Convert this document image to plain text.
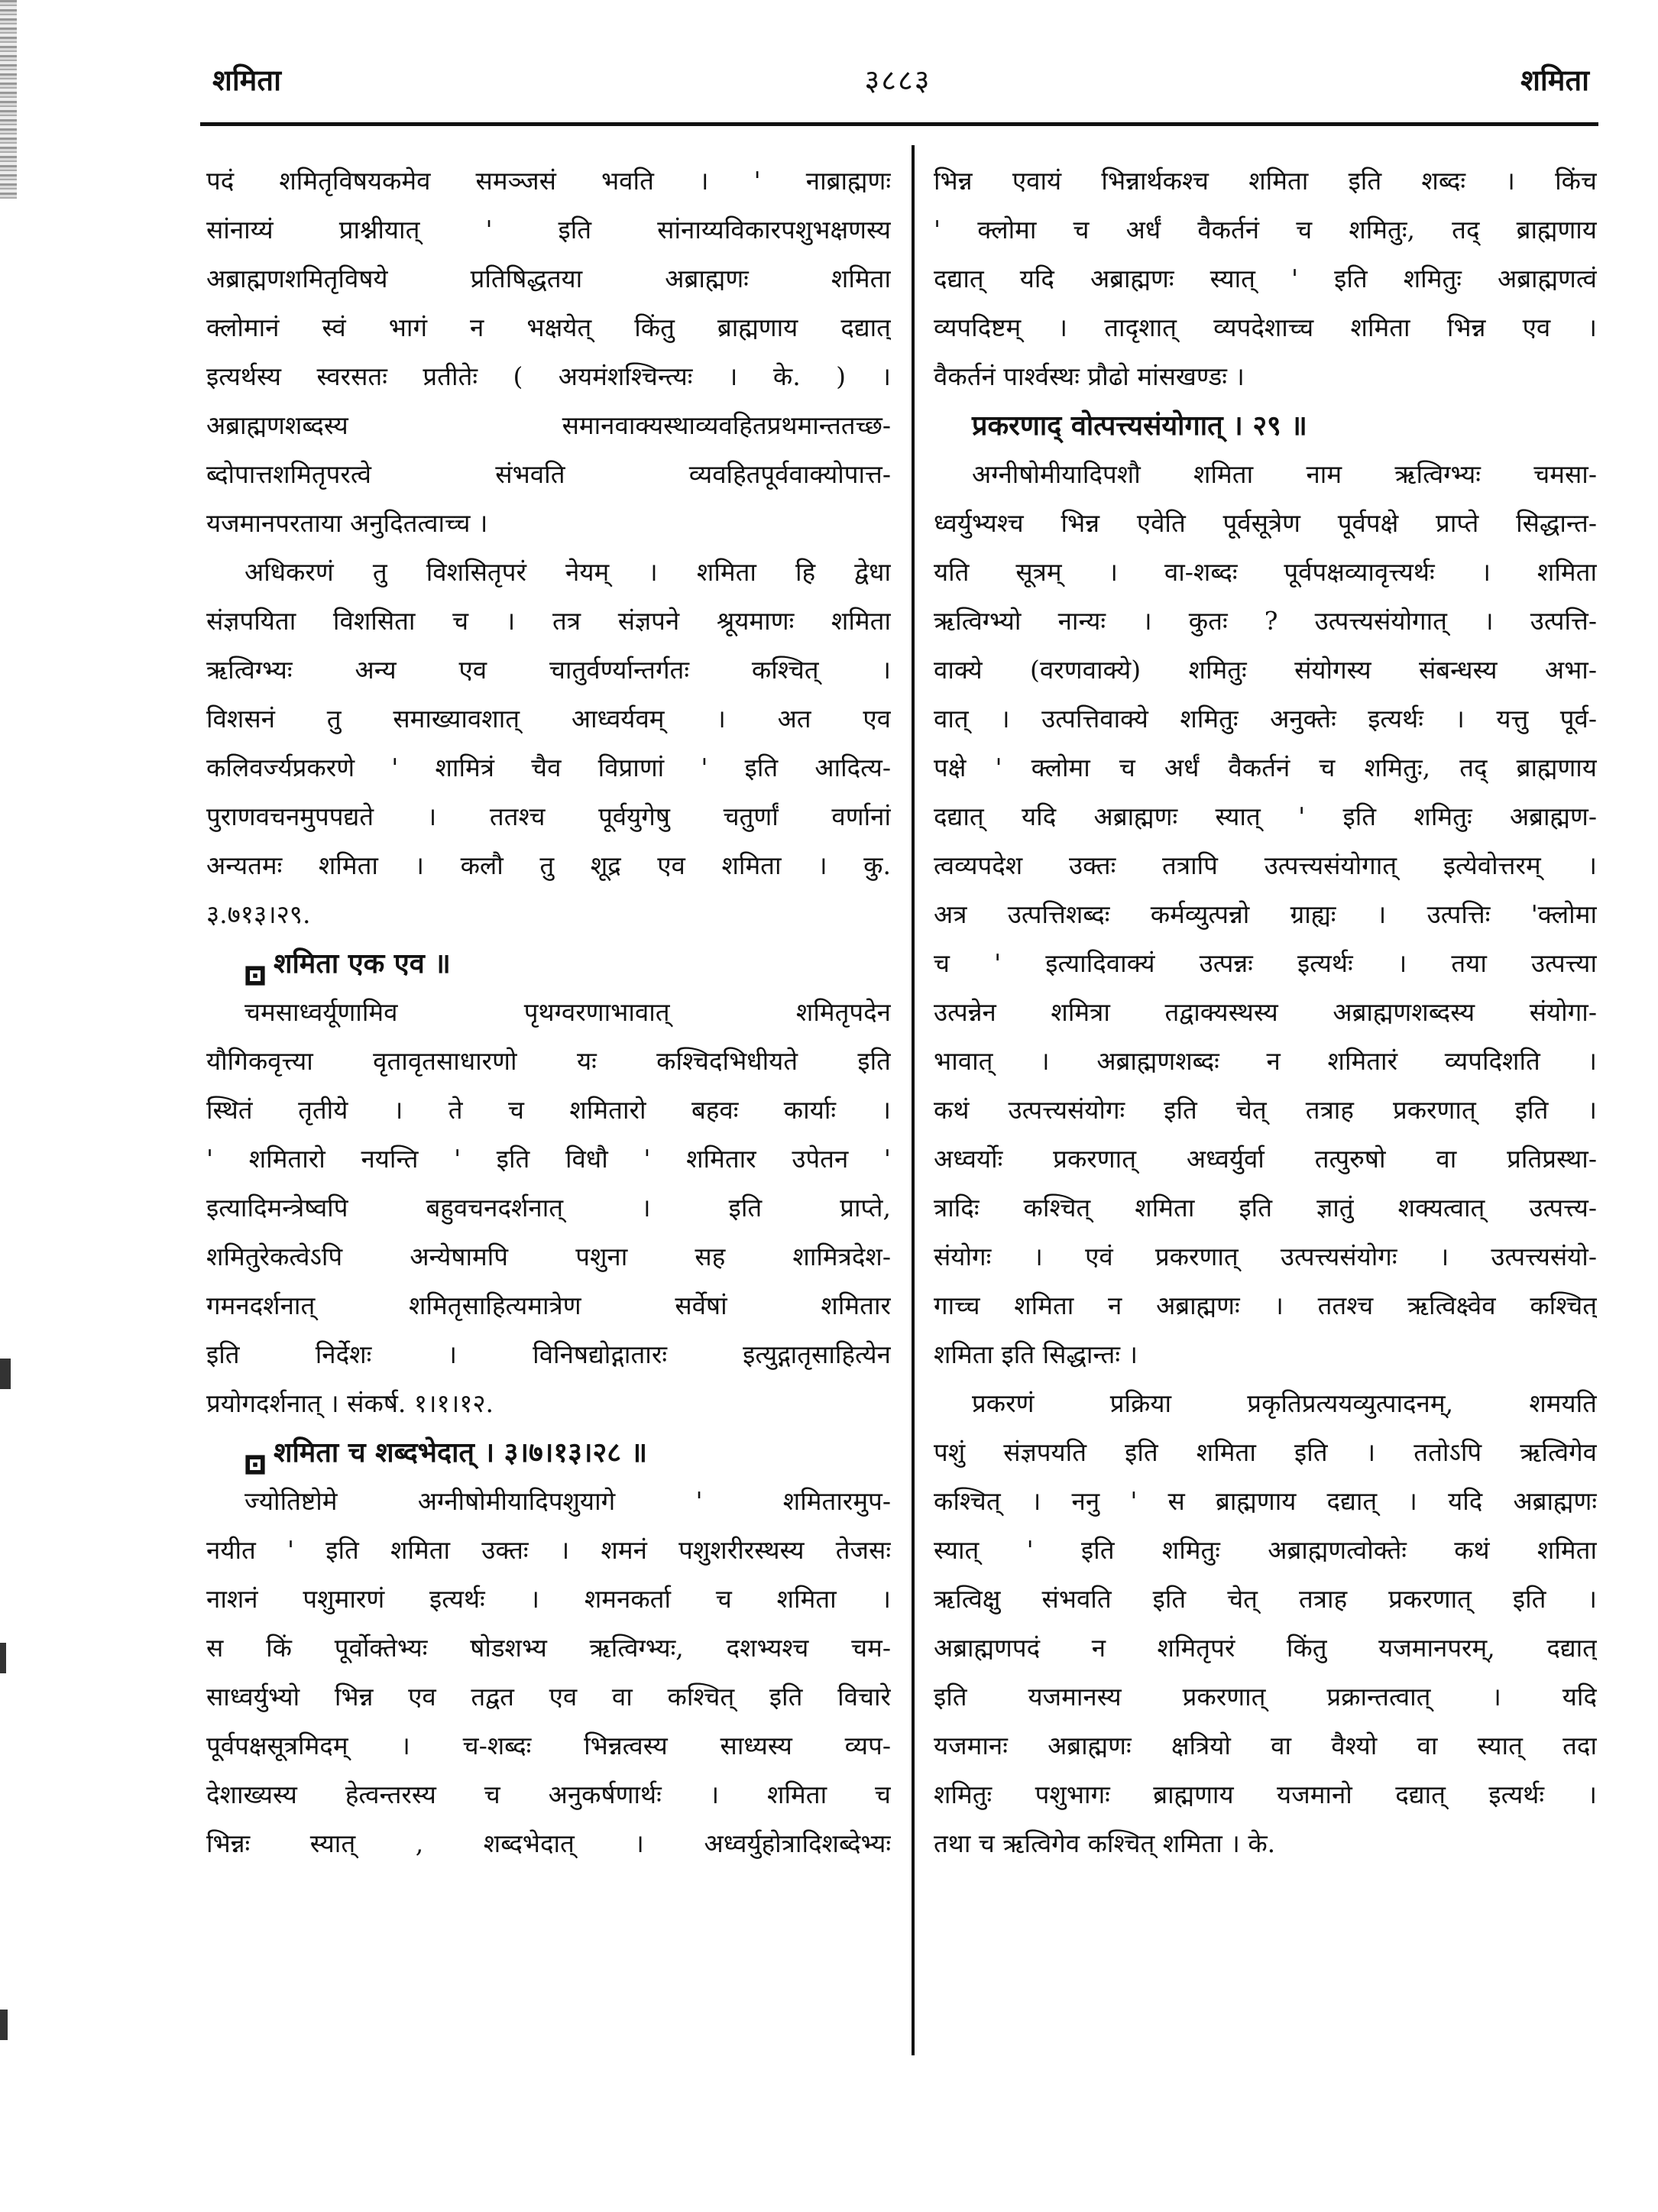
शमिता	३८८३	शमिता
पदं शमितृविषयकमेव समञ्जसं भवति । ' नाब्राह्मणः
सांनाय्यं प्राश्नीयात् ' इति सांनाय्यविकारपशुभक्षणस्य
अब्राह्मणशमितृविषये प्रतिषिद्धतया अब्राह्मणः शमिता
क्लोमानं स्वं भागं न भक्षयेत् किंतु ब्राह्मणाय दद्यात्
इत्यर्थस्य स्वरसतः प्रतीतेः ( अयमंशश्चिन्त्यः । के. ) ।
अब्राह्मणशब्दस्य समानवाक्यस्थाव्यवहितप्रथमान्ततच्छ-
ब्दोपात्तशमितृपरत्वे संभवति व्यवहितपूर्ववाक्योपात्त-
यजमानपरताया अनुदितत्वाच्च ।
अधिकरणं तु विशसितृपरं नेयम् । शमिता हि द्वेधा
संज्ञपयिता विशसिता च । तत्र संज्ञपने श्रूयमाणः शमिता
ऋत्विग्भ्यः अन्य एव चातुर्वर्ण्यान्तर्गतः कश्चित् ।
विशसनं तु समाख्यावशात् आध्वर्यवम् । अत एव
कलिवर्ज्यप्रकरणे ' शामित्रं चैव विप्राणां ' इति आदित्य-
पुराणवचनमुपपद्यते । ततश्च पूर्वयुगेषु चतुर्णां वर्णानां
अन्यतमः शमिता । कलौ तु शूद्र एव शमिता । कु.
३.७१३।२९.
शमिता एक एव ॥
चमसाध्वर्यूणामिव पृथग्वरणाभावात् शमितृपदेन
यौगिकवृत्त्या वृतावृतसाधारणो यः कश्चिदभिधीयते इति
स्थितं तृतीये । ते च शमितारो बहवः कार्याः ।
' शमितारो नयन्ति ' इति विधौ ' शमितार उपेतन '
इत्यादिमन्त्रेष्वपि बहुवचनदर्शनात् । इति प्राप्ते,
शमितुरेकत्वेऽपि अन्येषामपि पशुना सह शामित्रदेश-
गमनदर्शनात् शमितृसाहित्यमात्रेण सर्वेषां शमितार
इति निर्देशः । विनिषद्योद्गातारः इत्युद्गातृसाहित्येन
प्रयोगदर्शनात् । संकर्ष. १।१।१२.
शमिता च शब्दभेदात् । ३।७।१३।२८ ॥
ज्योतिष्टोमे अग्नीषोमीयादिपशुयागे ' शमितारमुप-
नयीत ' इति शमिता उक्तः । शमनं पशुशरीरस्थस्य तेजसः
नाशनं पशुमारणं इत्यर्थः । शमनकर्ता च शमिता ।
स किं पूर्वोक्तेभ्यः षोडशभ्य ऋत्विग्भ्यः, दशभ्यश्च चम-
साध्वर्युभ्यो भिन्न एव तद्वत एव वा कश्चित् इति विचारे
पूर्वपक्षसूत्रमिदम् । च-शब्दः भिन्नत्वस्य साध्यस्य व्यप-
देशाख्यस्य हेत्वन्तरस्य च अनुकर्षणार्थः । शमिता च
भिन्नः स्यात् , शब्दभेदात् । अध्वर्युहोत्रादिशब्देभ्यः
भिन्न एवायं भिन्नार्थकश्च शमिता इति शब्दः । किंच
' क्लोमा च अर्धं वैकर्तनं च शमितुः, तद् ब्राह्मणाय
दद्यात् यदि अब्राह्मणः स्यात् ' इति शमितुः अब्राह्मणत्वं
व्यपदिष्टम् । तादृशात् व्यपदेशाच्च शमिता भिन्न एव ।
वैकर्तनं पार्श्वस्थः प्रौढो मांसखण्डः ।
प्रकरणाद् वोत्पत्त्यसंयोगात् । २९ ॥
अग्नीषोमीयादिपशौ शमिता नाम ऋत्विग्भ्यः चमसा-
ध्वर्युभ्यश्च भिन्न एवेति पूर्वसूत्रेण पूर्वपक्षे प्राप्ते सिद्धान्त-
यति सूत्रम् । वा-शब्दः पूर्वपक्षव्यावृत्त्यर्थः । शमिता
ऋत्विग्भ्यो नान्यः । कुतः ? उत्पत्त्यसंयोगात् । उत्पत्ति-
वाक्ये (वरणवाक्ये) शमितुः संयोगस्य संबन्धस्य अभा-
वात् । उत्पत्तिवाक्ये शमितुः अनुक्तेः इत्यर्थः । यत्तु पूर्व-
पक्षे ' क्लोमा च अर्धं वैकर्तनं च शमितुः, तद् ब्राह्मणाय
दद्यात् यदि अब्राह्मणः स्यात् ' इति शमितुः अब्राह्मण-
त्वव्यपदेश उक्तः तत्रापि उत्पत्त्यसंयोगात् इत्येवोत्तरम् ।
अत्र उत्पत्तिशब्दः कर्मव्युत्पन्नो ग्राह्यः । उत्पत्तिः 'क्लोमा
च ' इत्यादिवाक्यं उत्पन्नः इत्यर्थः । तया उत्पत्त्या
उत्पन्नेन शमित्रा तद्वाक्यस्थस्य अब्राह्मणशब्दस्य संयोगा-
भावात् । अब्राह्मणशब्दः न शमितारं व्यपदिशति ।
कथं उत्पत्त्यसंयोगः इति चेत् तत्राह प्रकरणात् इति ।
अध्वर्योः प्रकरणात् अध्वर्युर्वा तत्पुरुषो वा प्रतिप्रस्था-
त्रादिः कश्चित् शमिता इति ज्ञातुं शक्यत्वात् उत्पत्त्य-
संयोगः । एवं प्रकरणात् उत्पत्त्यसंयोगः । उत्पत्त्यसंयो-
गाच्च शमिता न अब्राह्मणः । ततश्च ऋत्विक्ष्वेव कश्चित्
शमिता इति सिद्धान्तः ।
प्रकरणं प्रक्रिया प्रकृतिप्रत्ययव्युत्पादनम्, शमयति
पशुं संज्ञपयति इति शमिता इति । ततोऽपि ऋत्विगेव
कश्चित् । ननु ' स ब्राह्मणाय दद्यात् । यदि अब्राह्मणः
स्यात् ' इति शमितुः अब्राह्मणत्वोक्तेः कथं शमिता
ऋत्विक्षु संभवति इति चेत् तत्राह प्रकरणात् इति ।
अब्राह्मणपदं न शमितृपरं किंतु यजमानपरम्, दद्यात्
इति यजमानस्य प्रकरणात् प्रक्रान्तत्वात् । यदि
यजमानः अब्राह्मणः क्षत्रियो वा वैश्यो वा स्यात् तदा
शमितुः पशुभागः ब्राह्मणाय यजमानो दद्यात् इत्यर्थः ।
तथा च ऋत्विगेव कश्चित् शमिता । के.
